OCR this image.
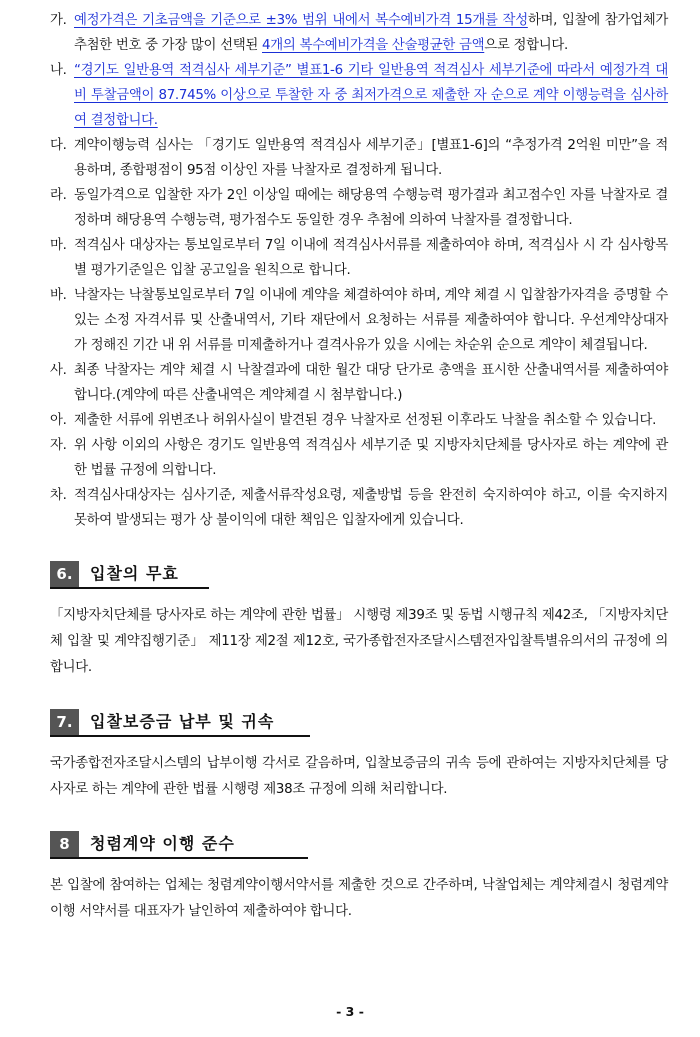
가. 예정가격은 기초금액을 기준으로 ±3% 범위 내에서 복수예비가격 15개를 작성하며, 입찰에 참가업체가 추첨한 번호 중 가장 많이 선택된 4개의 복수예비가격을 산술평균한 금액으로 정합니다.
나. “경기도 일반용역 적격심사 세부기준” 별표1-6 기타 일반용역 적격심사 세부기준에 따라서 예정가격 대비 투찰금액이 87.745% 이상으로 투찰한 자 중 최저가격으로 제출한 자 순으로 계약 이행능력을 심사하여 결정합니다.
다. 계약이행능력 심사는 「경기도 일반용역 적격심사 세부기준」[별표1-6]의 “추정가격 2억원 미만”을 적용하며, 종합평점이 95점 이상인 자를 낙찰자로 결정하게 됩니다.
라. 동일가격으로 입찰한 자가 2인 이상일 때에는 해당용역 수행능력 평가결과 최고점수인 자를 낙찰자로 결정하며 해당용역 수행능력, 평가점수도 동일한 경우 추첨에 의하여 낙찰자를 결정합니다.
마. 적격심사 대상자는 통보일로부터 7일 이내에 적격심사서류를 제출하여야 하며, 적격심사 시 각 심사항목별 평가기준일은 입찰 공고일을 원칙으로 합니다.
바. 낙찰자는 낙찰통보일로부터 7일 이내에 계약을 체결하여야 하며, 계약 체결 시 입찰참가자격을 증명할 수 있는 소정 자격서류 및 산출내역서, 기타 재단에서 요청하는 서류를 제출하여야 합니다. 우선계약상대자가 정해진 기간 내 위 서류를 미제출하거나 결격사유가 있을 시에는 차순위 순으로 계약이 체결됩니다.
사. 최종 낙찰자는 계약 체결 시 낙찰결과에 대한 월간 대당 단가로 총액을 표시한 산출내역서를 제출하여야 합니다.(계약에 따른 산출내역은 계약체결 시 첨부합니다.)
아. 제출한 서류에 위변조나 허위사실이 발견된 경우 낙찰자로 선정된 이후라도 낙찰을 취소할 수 있습니다.
자. 위 사항 이외의 사항은 경기도 일반용역 적격심사 세부기준 및 지방자치단체를 당사자로 하는 계약에 관한 법률 규정에 의합니다.
차. 적격심사대상자는 심사기준, 제출서류작성요령, 제출방법 등을 완전히 숙지하여야 하고, 이를 숙지하지 못하여 발생되는 평가 상 불이익에 대한 책임은 입찰자에게 있습니다.
6.	입찰의 무효
「지방자치단체를 당사자로 하는 계약에 관한 법률」 시행령 제39조 및 동법 시행규칙 제42조, 「지방자치단체 입찰 및 계약집행기준」 제11장 제2절 제12호, 국가종합전자조달시스템전자입찰특별유의서의 규정에 의합니다.
7.	입찰보증금 납부 및 귀속
국가종합전자조달시스템의 납부이행 각서로 갈음하며, 입찰보증금의 귀속 등에 관하여는 지방자치단체를 당사자로 하는 계약에 관한 법률 시행령 제38조 규정에 의해 처리합니다.
8	청렴계약 이행 준수
본 입찰에 참여하는 업체는 청렴계약이행서약서를 제출한 것으로 간주하며, 낙찰업체는 계약체결시 청렴계약이행 서약서를 대표자가 날인하여 제출하여야 합니다.
- 3 -
